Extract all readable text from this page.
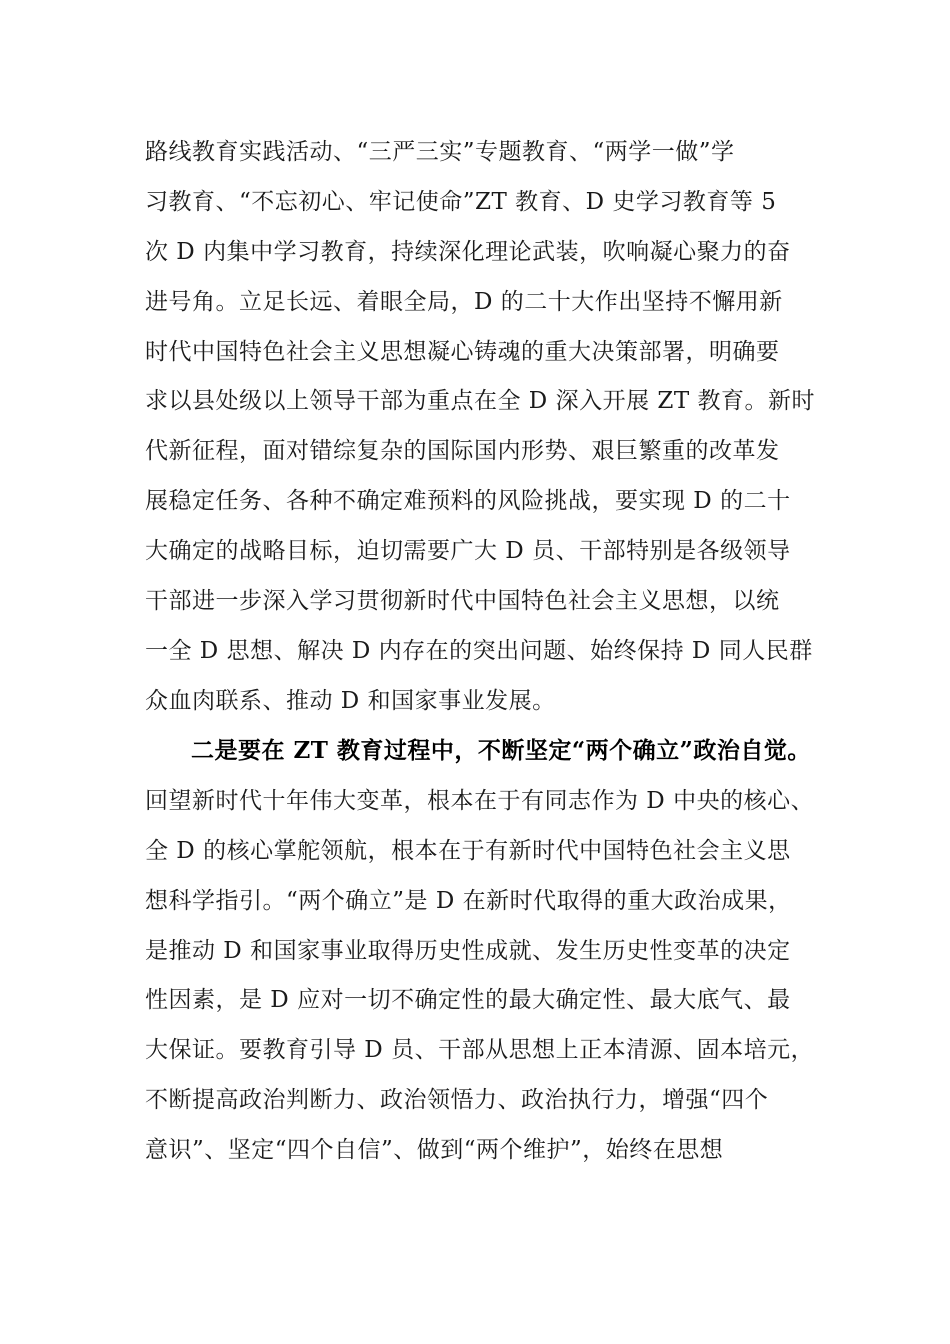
路线教育实践活动、“三严三实”专题教育、“两学一做”学
习教育、“不忘初心、牢记使命”ZT 教育、D 史学习教育等 5
次 D 内集中学习教育，持续深化理论武装，吹响凝心聚力的奋
进号角。立足长远、着眼全局，D 的二十大作出坚持不懈用新
时代中国特色社会主义思想凝心铸魂的重大决策部署，明确要
求以县处级以上领导干部为重点在全 D 深入开展 ZT 教育。新时
代新征程，面对错综复杂的国际国内形势、艰巨繁重的改革发
展稳定任务、各种不确定难预料的风险挑战，要实现 D 的二十
大确定的战略目标，迫切需要广大 D 员、干部特别是各级领导
干部进一步深入学习贯彻新时代中国特色社会主义思想，以统
一全 D 思想、解决 D 内存在的突出问题、始终保持 D 同人民群
众血肉联系、推动 D 和国家事业发展。
二是要在 ZT 教育过程中，不断坚定“两个确立”政治自觉。
回望新时代十年伟大变革，根本在于有同志作为 D 中央的核心、
全 D 的核心掌舵领航，根本在于有新时代中国特色社会主义思
想科学指引。“两个确立”是 D 在新时代取得的重大政治成果，
是推动 D 和国家事业取得历史性成就、发生历史性变革的决定
性因素，是 D 应对一切不确定性的最大确定性、最大底气、最
大保证。要教育引导 D 员、干部从思想上正本清源、固本培元，
不断提高政治判断力、政治领悟力、政治执行力，增强“四个
意识”、坚定“四个自信”、做到“两个维护”，始终在思想
